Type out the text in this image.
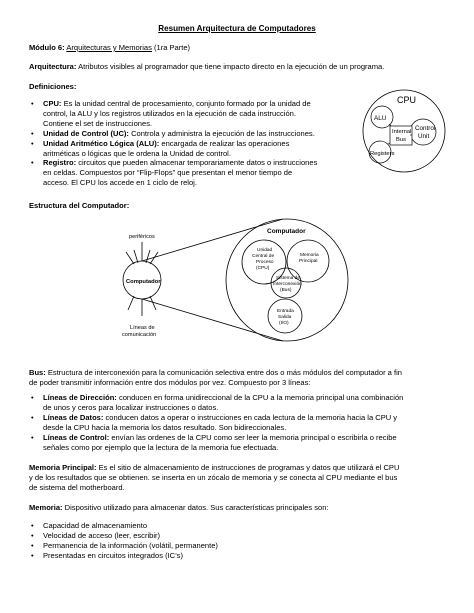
Resumen Arquitectura de Computadores
Módulo 6: Arquitecturas y Memorias (1ra Parte)
Arquitectura: Atributos visibles al programador que tiene impacto directo en la ejecución de un programa.
Definiciones:
• CPU: Es la unidad central de procesamiento, conjunto formado por la unidad de
control, la ALU y los registros utilizados en la ejecución de cada instrucción.
Contiene el set de instrucciones.
• Unidad de Control (UC): Controla y administra la ejecución de las instrucciones.
• Unidad Aritmético Lógica (ALU): encargada de realizar las operaciones
aritméticas o lógicas que le ordena la Unidad de control.
• Registro: circuitos que pueden almacenar temporariamente datos o instrucciones
en celdas. Compuestos por “Flip-Flops” que presentan el menor tiempo de
acceso. El CPU los accede en 1 ciclo de reloj.
CPU
ALU
Control
Unit
Registers
Internal
Bus
Estructura del Computador:
periféricos
Computador
Líneas de
comunicación
Computador
Unidad
Central de
Proceso
(CPU)
Memoria
Principal
Sistema de
Interconexión
(Bus)
Entrada
Salida
(I/O)
Bus: Estructura de interconexión para la comunicación selectiva entre dos o más módulos del computador a fin
de poder transmitir información entre dos módulos por vez. Compuesto por 3 líneas:
• Líneas de Dirección: conducen en forma unidireccional de la CPU a la memoria principal una combinación
de unos y ceros para localizar instrucciones o datos.
• Líneas de Datos: conducen datos a operar o instrucciones en cada lectura de la memoria hacia la CPU y
desde la CPU hacia la memoria los datos resultado. Son bidireccionales.
• Líneas de Control: envían las ordenes de la CPU como ser leer la memoria principal o escribirla o recibe
señales como por ejemplo que la lectura de la memoria fue efectuada.
Memoria Principal: Es el sitio de almacenamiento de instrucciones de programas y datos que utilizará el CPU
y de los resultados que se obtienen. se inserta en un zócalo de memoria y se conecta al CPU mediante el bus
de sistema del motherboard.
Memoria: Dispositivo utilizado para almacenar datos. Sus características principales son:
• Capacidad de almacenamiento
• Velocidad de acceso (leer, escribir)
• Permanencia de la información (volátil, permanente)
• Presentadas en circuitos integrados (IC’s)
